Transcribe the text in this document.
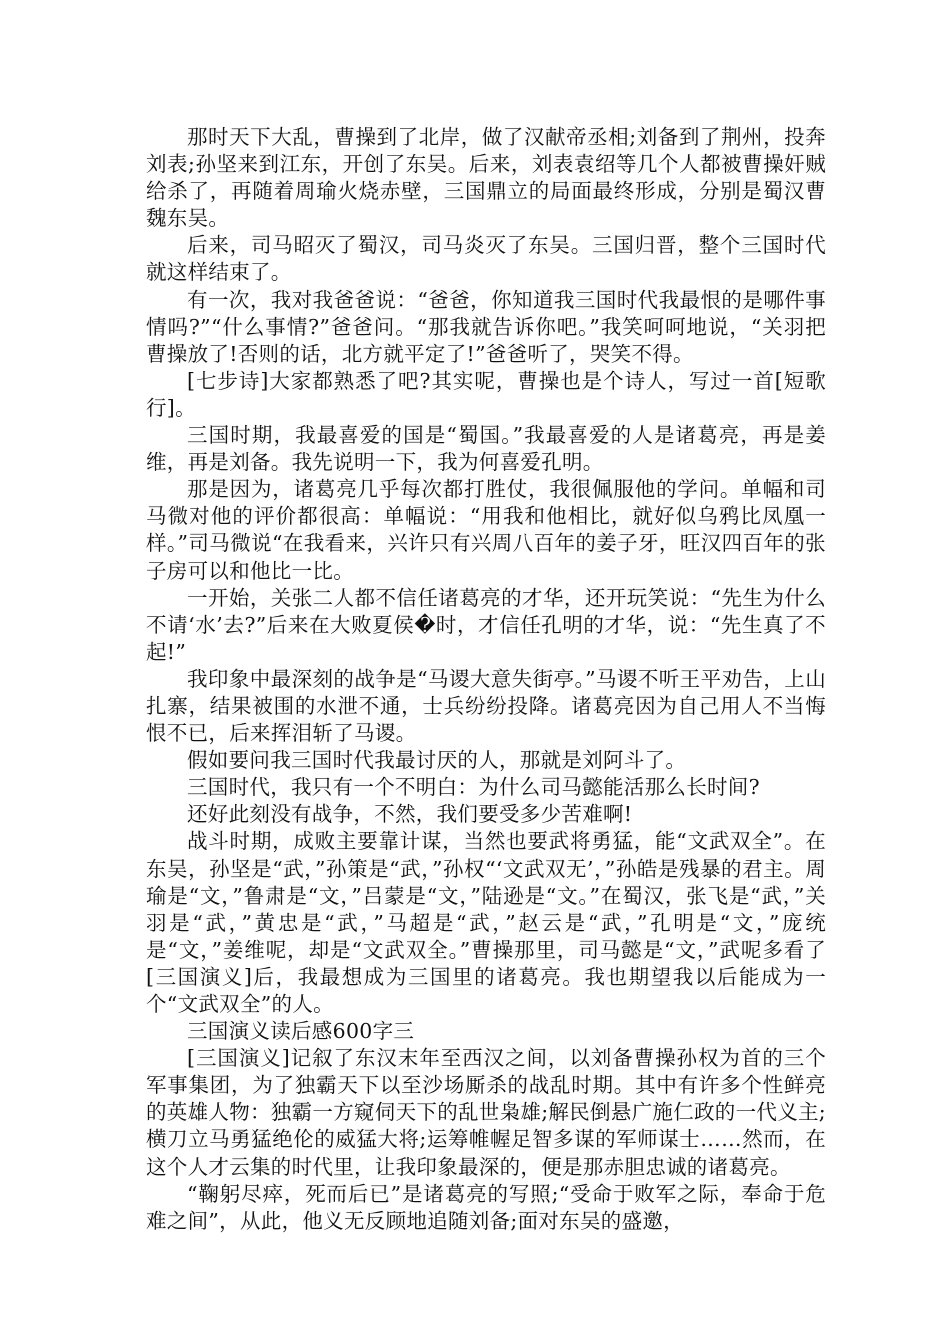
那时天下大乱，曹操到了北岸，做了汉献帝丞相;刘备到了荆州，投奔刘表;孙坚来到江东，开创了东吴。后来，刘表袁绍等几个人都被曹操奸贼给杀了，再随着周瑜火烧赤壁，三国鼎立的局面最终形成，分别是蜀汉曹魏东吴。

后来，司马昭灭了蜀汉，司马炎灭了东吴。三国归晋，整个三国时代就这样结束了。

有一次，我对我爸爸说：“爸爸，你知道我三国时代我最恨的是哪件事情吗?”“什么事情?”爸爸问。“那我就告诉你吧。”我笑呵呵地说，“关羽把曹操放了!否则的话，北方就平定了!”爸爸听了，哭笑不得。

[七步诗]大家都熟悉了吧?其实呢，曹操也是个诗人，写过一首[短歌行]。

三国时期，我最喜爱的国是“蜀国。”我最喜爱的人是诸葛亮，再是姜维，再是刘备。我先说明一下，我为何喜爱孔明。

那是因为，诸葛亮几乎每次都打胜仗，我很佩服他的学问。单幅和司马微对他的评价都很高：单幅说：“用我和他相比，就好似乌鸦比凤凰一样。”司马微说“在我看来，兴许只有兴周八百年的姜子牙，旺汉四百年的张子房可以和他比一比。

一开始，关张二人都不信任诸葛亮的才华，还开玩笑说：“先生为什么不请‘水’去?”后来在大败夏侯�时，才信任孔明的才华，说：“先生真了不起!”

我印象中最深刻的战争是“马谡大意失街亭。”马谡不听王平劝告，上山扎寨，结果被围的水泄不通，士兵纷纷投降。诸葛亮因为自己用人不当悔恨不已，后来挥泪斩了马谡。

假如要问我三国时代我最讨厌的人，那就是刘阿斗了。

三国时代，我只有一个不明白：为什么司马懿能活那么长时间?

还好此刻没有战争，不然，我们要受多少苦难啊!

战斗时期，成败主要靠计谋，当然也要武将勇猛，能“文武双全”。在东吴，孙坚是“武，”孙策是“武，”孙权“‘文武双无’，”孙皓是残暴的君主。周瑜是“文，”鲁肃是“文，”吕蒙是“文，”陆逊是“文。”在蜀汉，张飞是“武，”关羽是“武，”黄忠是“武，”马超是“武，”赵云是“武，”孔明是“文，”庞统是“文，”姜维呢，却是“文武双全。”曹操那里，司马懿是“文，”武呢多看了[三国演义]后，我最想成为三国里的诸葛亮。我也期望我以后能成为一个“文武双全”的人。

三国演义读后感600字三

[三国演义]记叙了东汉末年至西汉之间，以刘备曹操孙权为首的三个军事集团，为了独霸天下以至沙场厮杀的战乱时期。其中有许多个性鲜亮的英雄人物：独霸一方窥伺天下的乱世枭雄;解民倒悬广施仁政的一代义主;横刀立马勇猛绝伦的威猛大将;运筹帷幄足智多谋的军师谋士……然而，在这个人才云集的时代里，让我印象最深的，便是那赤胆忠诚的诸葛亮。

“鞠躬尽瘁，死而后已”是诸葛亮的写照;“受命于败军之际，奉命于危难之间”，从此，他义无反顾地追随刘备;面对东吴的盛邀，
